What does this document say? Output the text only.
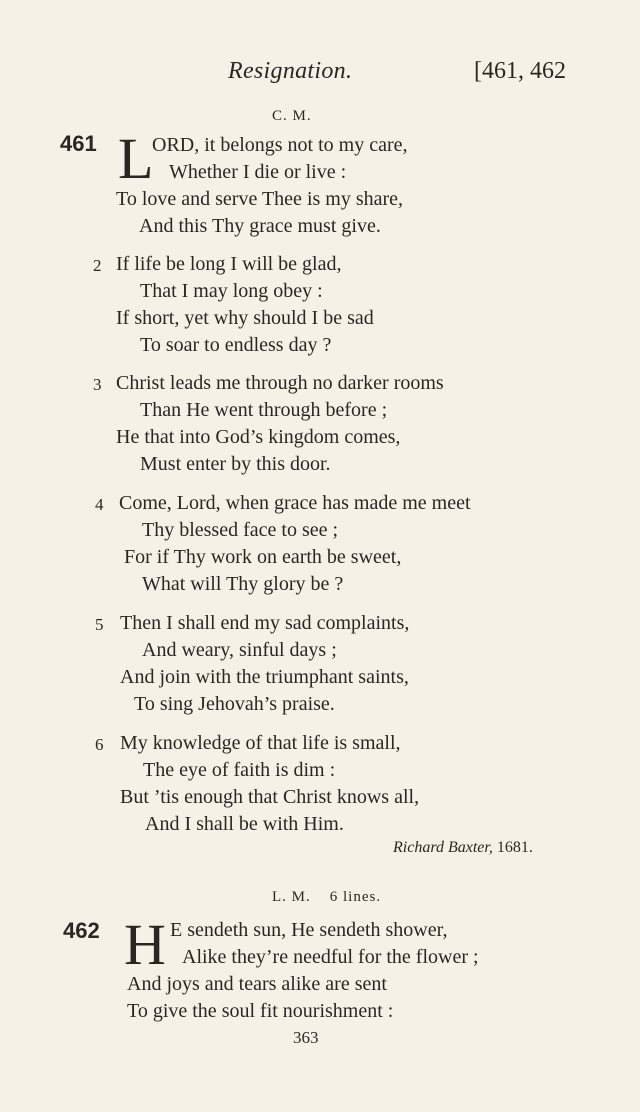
Resignation.	[461, 462
C. M.
461 L
ORD, it belongs not to my care,
Whether I die or live :
To love and serve Thee is my share,
And this Thy grace must give.
2 If life be long I will be glad,
That I may long obey :
If short, yet why should I be sad
To soar to endless day ?
3 Christ leads me through no darker rooms
Than He went through before ;
He that into God’s kingdom comes,
Must enter by this door.
4 Come, Lord, when grace has made me meet
Thy blessed face to see ;
For if Thy work on earth be sweet,
What will Thy glory be ?
5 Then I shall end my sad complaints,
And weary, sinful days ;
And join with the triumphant saints,
To sing Jehovah’s praise.
6 My knowledge of that life is small,
The eye of faith is dim :
But ’tis enough that Christ knows all,
And I shall be with Him.
Richard Baxter, 1681.
L. M.    6 lines.
462 H E sendeth sun, He sendeth shower,
Alike they’re needful for the flower ;
And joys and tears alike are sent
To give the soul fit nourishment :
363
